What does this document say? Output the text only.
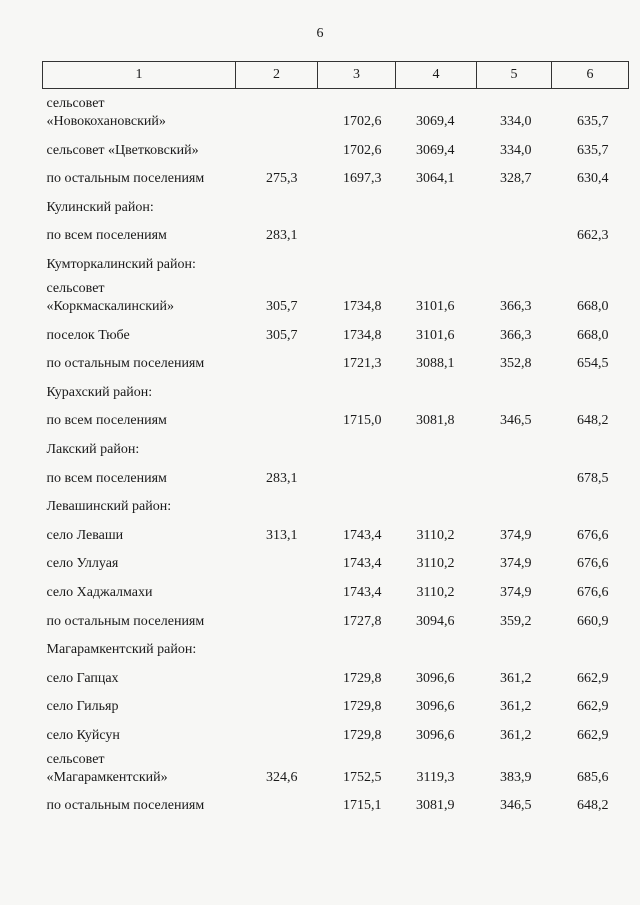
6
1	2	3	4	5	6
сельсовет
«Новокохановский»		1702,6	3069,4	334,0	635,7
сельсовет «Цветковский»		1702,6	3069,4	334,0	635,7
по остальным поселениям	275,3	1697,3	3064,1	328,7	630,4
Кулинский район:					
по всем поселениям	283,1				662,3
Кумторкалинский район:					
сельсовет
«Коркмаскалинский»	305,7	1734,8	3101,6	366,3	668,0
поселок Тюбе	305,7	1734,8	3101,6	366,3	668,0
по остальным поселениям		1721,3	3088,1	352,8	654,5
Курахский район:					
по всем поселениям		1715,0	3081,8	346,5	648,2
Лакский район:					
по всем поселениям	283,1				678,5
Левашинский район:					
село Леваши	313,1	1743,4	3110,2	374,9	676,6
село Уллуая		1743,4	3110,2	374,9	676,6
село Хаджалмахи		1743,4	3110,2	374,9	676,6
по остальным поселениям		1727,8	3094,6	359,2	660,9
Магарамкентский район:					
село Гапцах		1729,8	3096,6	361,2	662,9
село Гильяр		1729,8	3096,6	361,2	662,9
село Куйсун		1729,8	3096,6	361,2	662,9
сельсовет
«Магарамкентский»	324,6	1752,5	3119,3	383,9	685,6
по остальным поселениям		1715,1	3081,9	346,5	648,2
